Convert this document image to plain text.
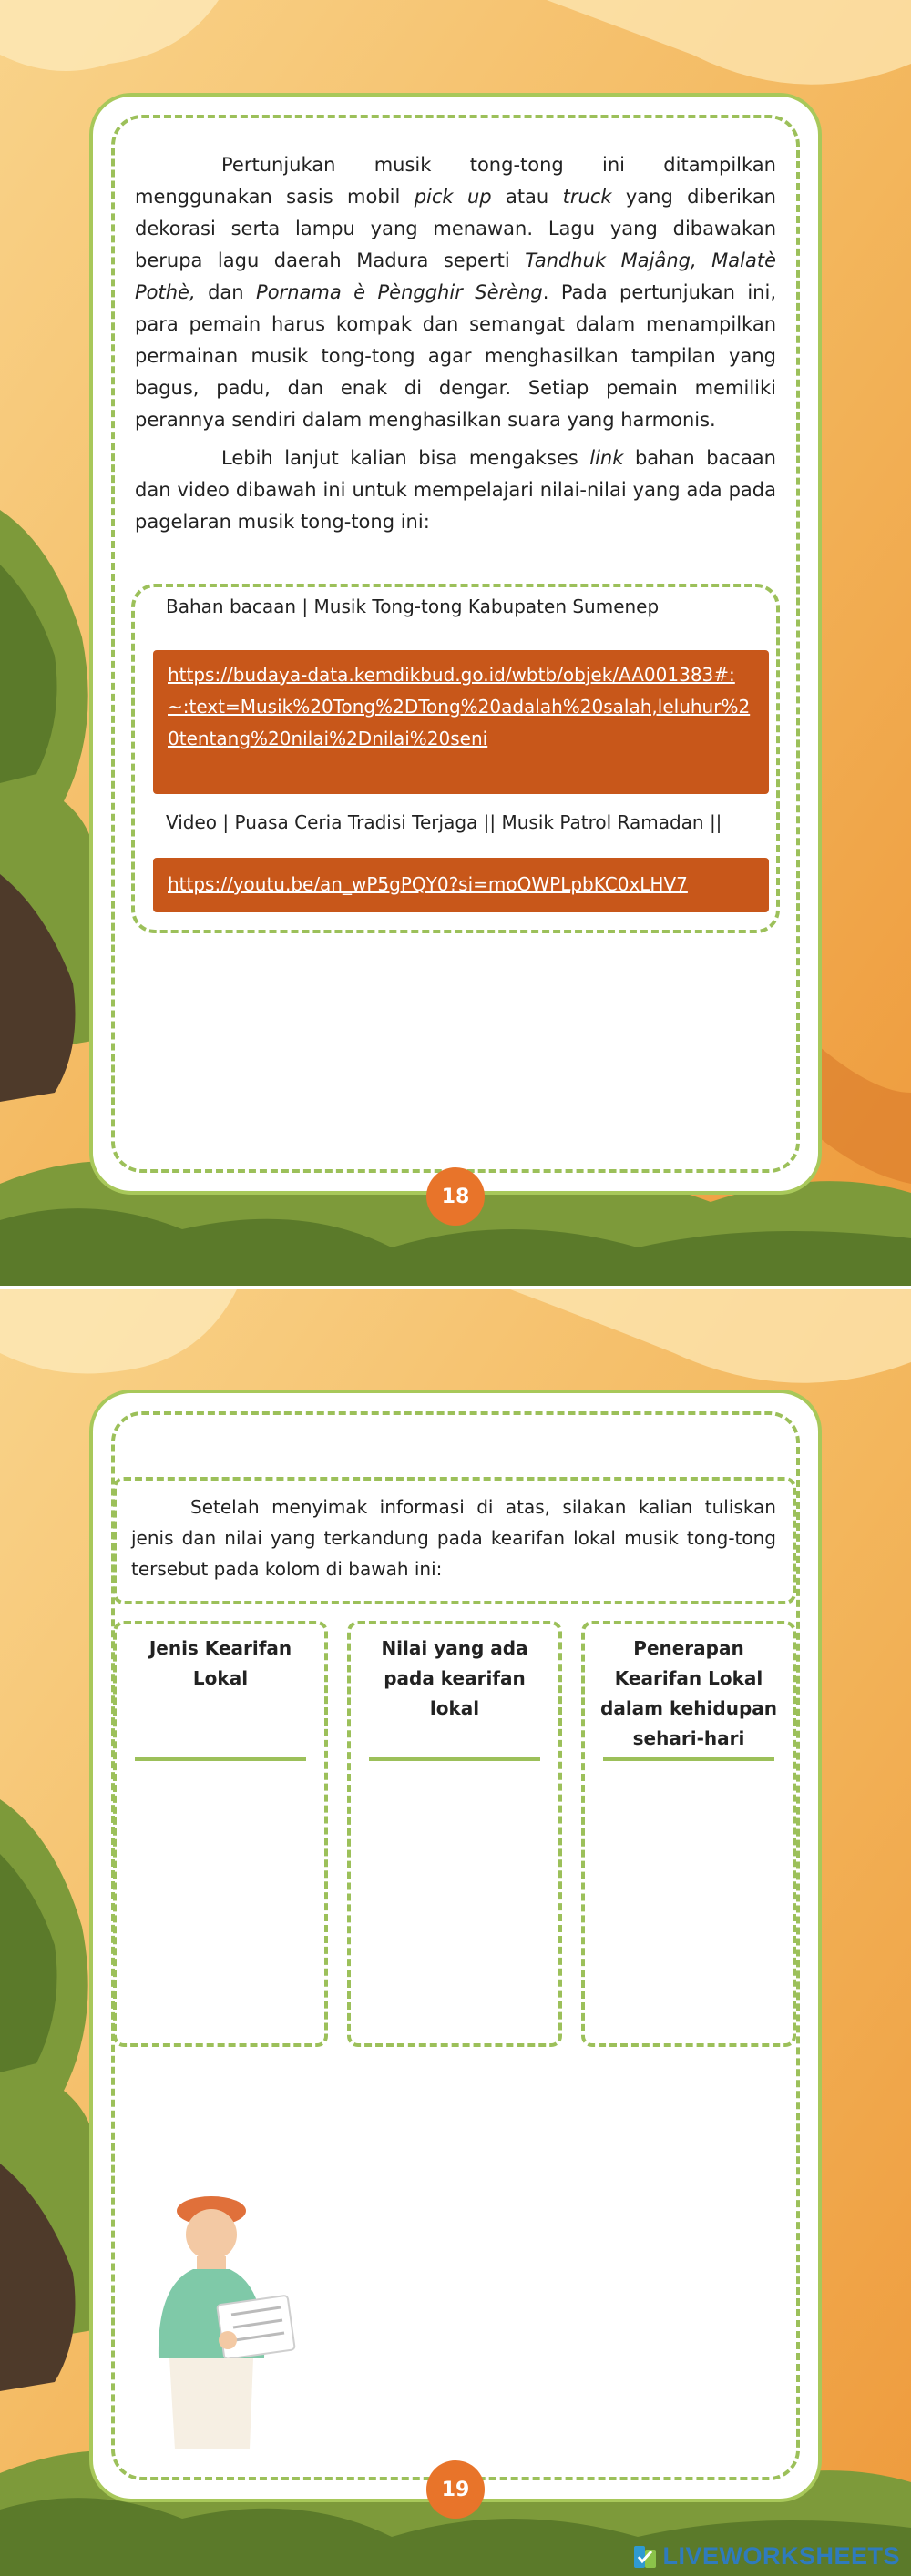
Pertunjukan musik tong-tong ini ditampilkan menggunakan sasis mobil pick up atau truck yang diberikan dekorasi serta lampu yang menawan. Lagu yang dibawakan berupa lagu daerah Madura seperti Tandhuk Majâng, Malatè Pothè, dan Pornama è Pèngghir Sèrèng. Pada pertunjukan ini, para pemain harus kompak dan semangat dalam menampilkan permainan musik tong-tong agar menghasilkan tampilan yang bagus, padu, dan enak di dengar. Setiap pemain memiliki perannya sendiri dalam menghasilkan suara yang harmonis.

Lebih lanjut kalian bisa mengakses link bahan bacaan dan video dibawah ini untuk mempelajari nilai-nilai yang ada pada pagelaran musik tong-tong ini:

Bahan bacaan | Musik Tong-tong Kabupaten Sumenep
https://budaya-data.kemdikbud.go.id/wbtb/objek/AA001383#:~:text=Musik%20Tong%2DTong%20adalah%20salah,leluhur%20tentang%20nilai%2Dnilai%20seni
Video | Puasa Ceria Tradisi Terjaga || Musik Patrol Ramadan ||
https://youtu.be/an_wP5gPQY0?si=moOWPLpbKC0xLHV7
18

Setelah menyimak informasi di atas, silakan kalian tuliskan jenis dan nilai yang terkandung pada kearifan lokal musik tong-tong tersebut pada kolom di bawah ini:

Jenis Kearifan Lokal
Nilai yang ada pada kearifan lokal
Penerapan Kearifan Lokal dalam kehidupan sehari-hari
19
LIVEWORKSHEETS
